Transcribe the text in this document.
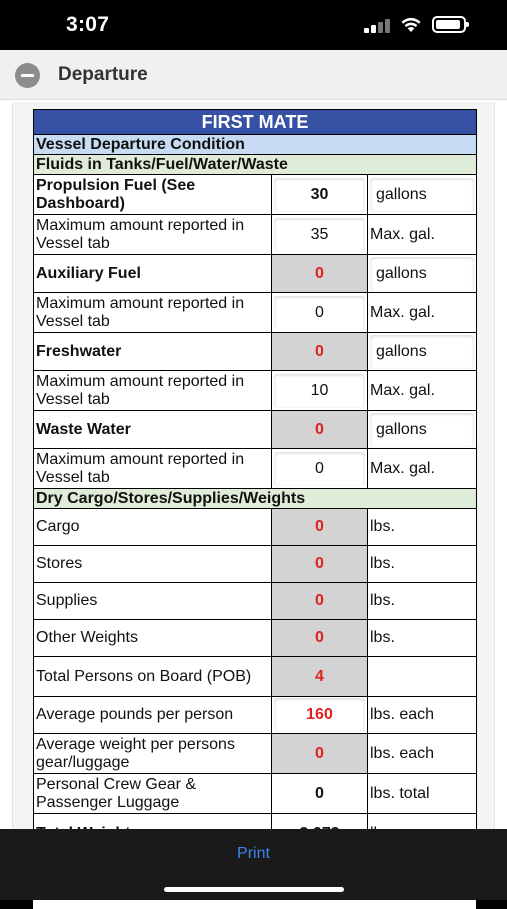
3:07
Departure
FIRST MATE		
Vessel Departure Condition		
Fluids in Tanks/Fuel/Water/Waste		
Propulsion Fuel (See Dashboard)	30	gallons

Maximum amount reported in Vessel tab	35	Max. gal.
Auxiliary Fuel	0	gallons

Maximum amount reported in Vessel tab	0	Max. gal.
Freshwater	0	gallons

Maximum amount reported in Vessel tab	10	Max. gal.
Waste Water	0	gallons

Maximum amount reported in Vessel tab	0	Max. gal.
Dry Cargo/Stores/Supplies/Weights		
Cargo	0	lbs.
Stores	0	lbs.
Supplies	0	lbs.
Other Weights	0	lbs.
Total Persons on Board (POB)	4	
Average pounds per person	160	lbs. each
Average weight per persons gear/luggage	0	lbs. each
Personal Crew Gear & Passenger Luggage	0	lbs. total

Print
